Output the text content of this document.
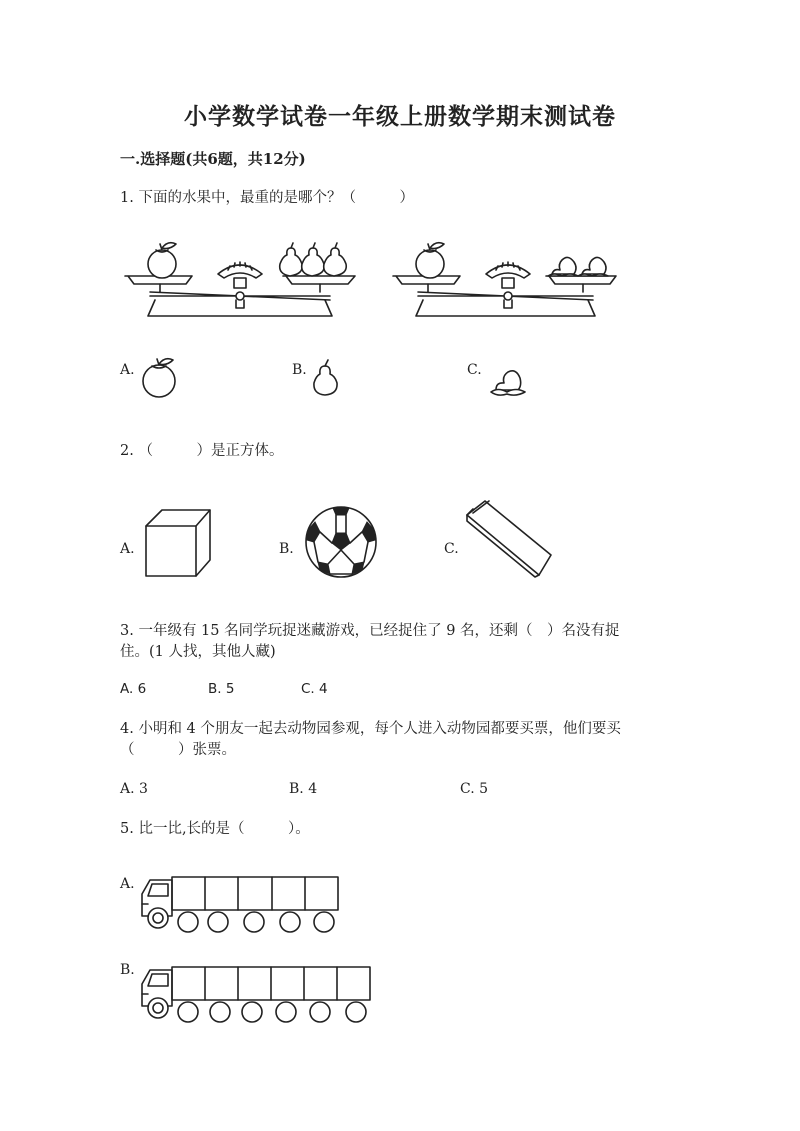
小学数学试卷一年级上册数学期末测试卷
一.选择题(共6题，共12分)
1. 下面的水果中，最重的是哪个？（　　　）
A.	B.	C.
2. （　　　）是正方体。
A.	B.	C.
3. 一年级有 15 名同学玩捉迷藏游戏，已经捉住了 9 名，还剩（　）名没有捉
住。(1 人找，其他人藏)
A. 6	B. 5	C. 4
4. 小明和 4 个朋友一起去动物园参观，每个人进入动物园都要买票，他们要买
（　　　）张票。
A. 3	B. 4	C. 5
5. 比一比,长的是（　　　）。
A.
B.
